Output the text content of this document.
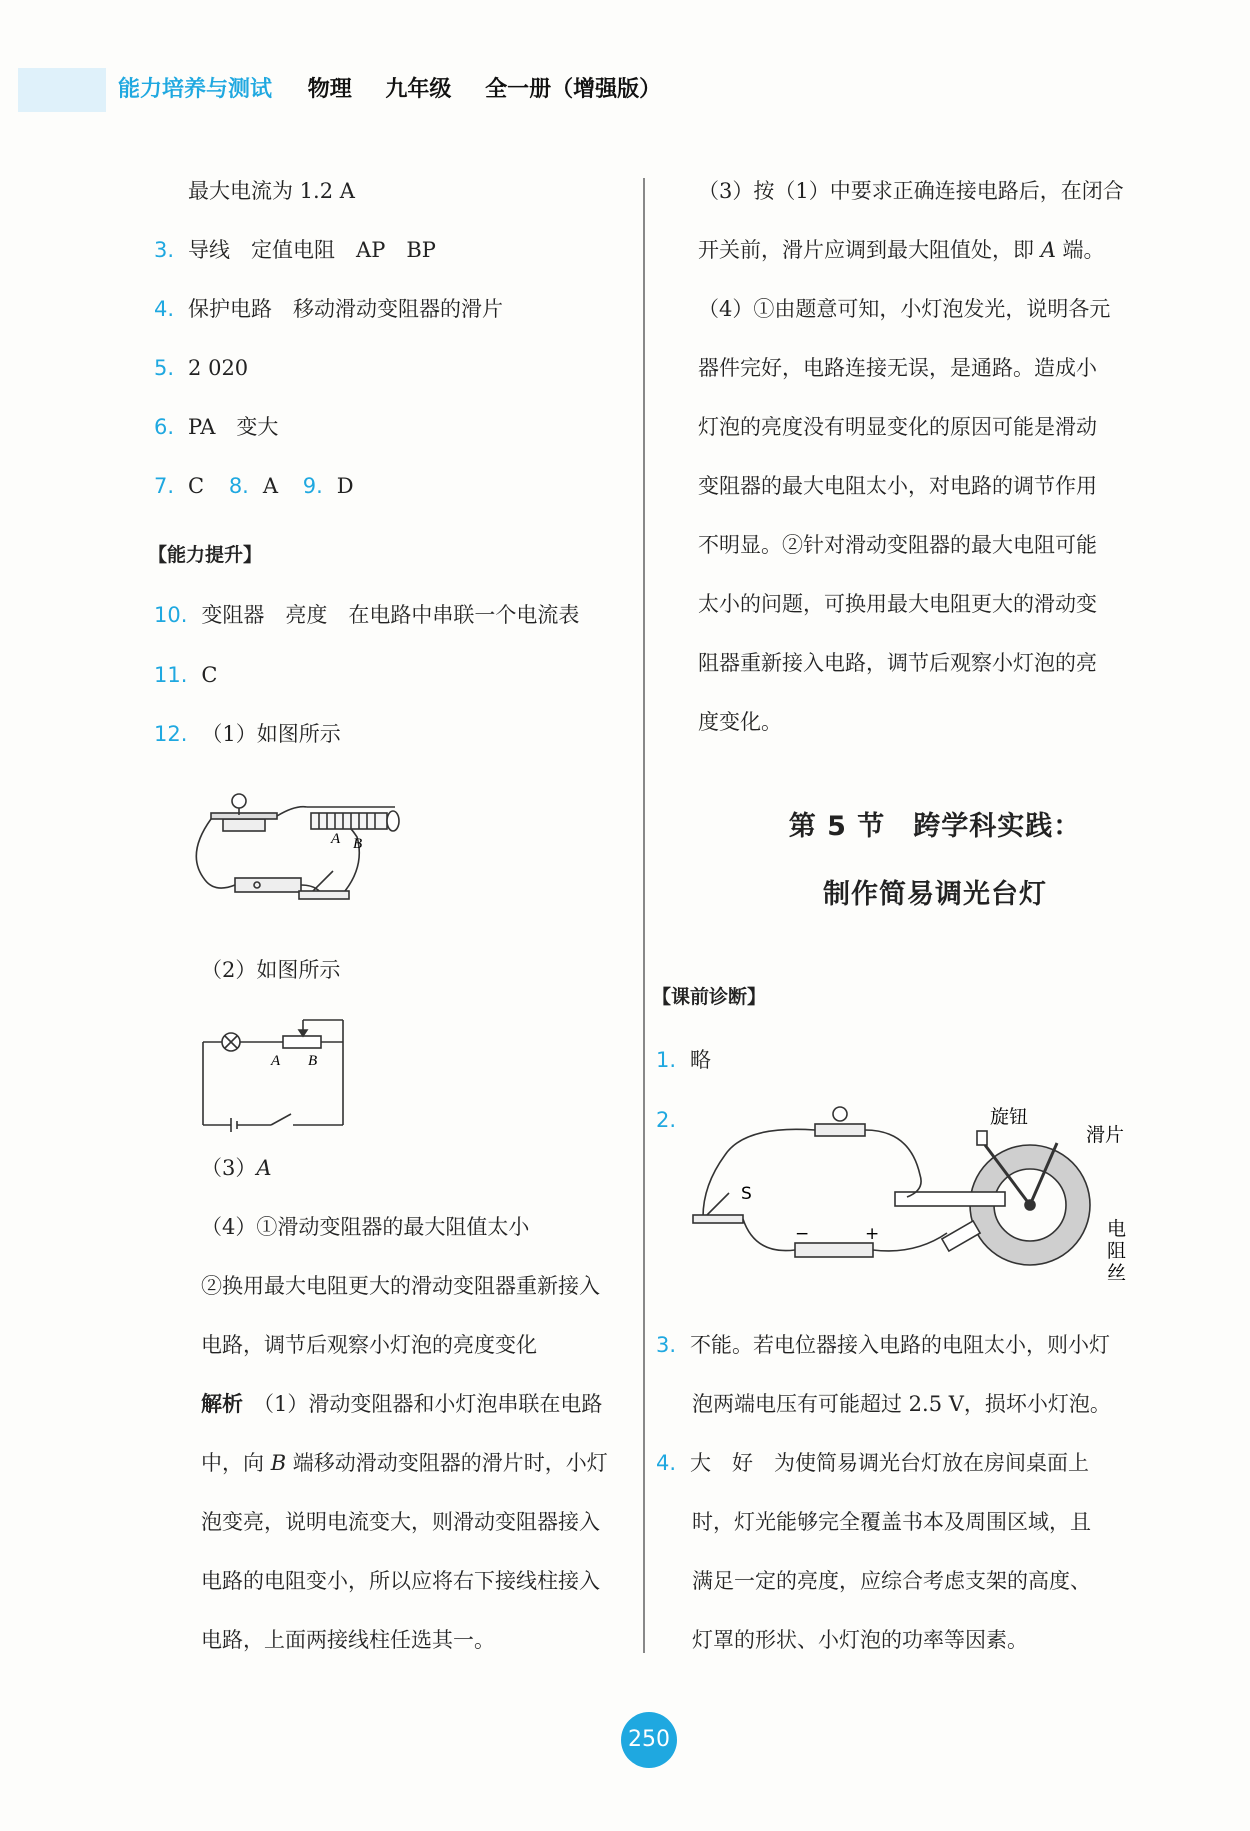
能力培养与测试 物理 九年级 全一册（增强版）
最大电流为 1.2 A
3. 导线　定值电阻　AP　BP
4. 保护电路　移动滑动变阻器的滑片
5. 2 020
6. PA　变大
7. C 8. A 9. D
【能力提升】
10. 变阻器　亮度　在电路中串联一个电流表
11. C
12. （1）如图所示
A B
（2）如图所示
A B
（3）A
（4）①滑动变阻器的最大阻值太小
②换用最大电阻更大的滑动变阻器重新接入
电路，调节后观察小灯泡的亮度变化
解析 （1）滑动变阻器和小灯泡串联在电路
中，向 B 端移动滑动变阻器的滑片时，小灯
泡变亮，说明电流变大，则滑动变阻器接入
电路的电阻变小，所以应将右下接线柱接入
电路，上面两接线柱任选其一。
（3）按（1）中要求正确连接电路后，在闭合
开关前，滑片应调到最大阻值处，即 A 端。
（4）①由题意可知，小灯泡发光，说明各元
器件完好，电路连接无误，是通路。造成小
灯泡的亮度没有明显变化的原因可能是滑动
变阻器的最大电阻太小，对电路的调节作用
不明显。②针对滑动变阻器的最大电阻可能
太小的问题，可换用最大电阻更大的滑动变
阻器重新接入电路，调节后观察小灯泡的亮
度变化。
第 5 节　跨学科实践：
制作简易调光台灯
【课前诊断】
1. 略
2.	旋钮
滑片
电
阻
丝
S
−	+
3. 不能。若电位器接入电路的电阻太小，则小灯
泡两端电压有可能超过 2.5 V，损坏小灯泡。
4. 大　好　为使简易调光台灯放在房间桌面上
时，灯光能够完全覆盖书本及周围区域，且
满足一定的亮度，应综合考虑支架的高度、
灯罩的形状、小灯泡的功率等因素。
250
